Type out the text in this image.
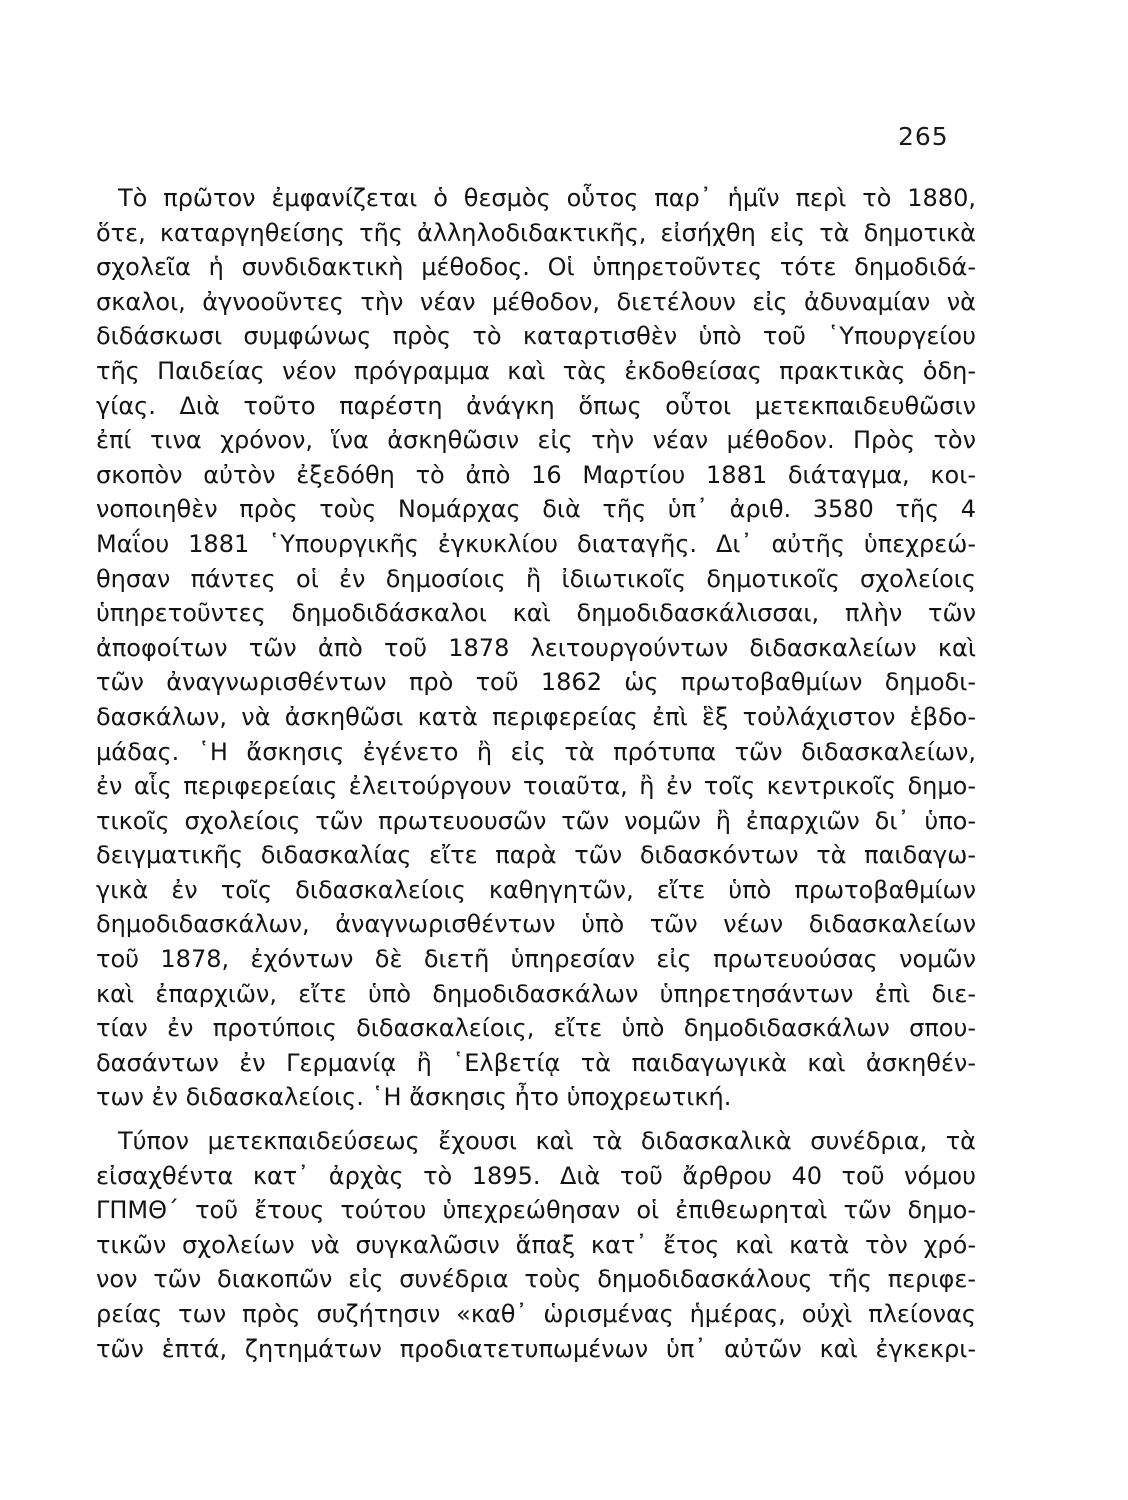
265
Τὸ πρῶτον ἐμφανίζεται ὁ θεσμὸς οὗτος παρ᾽ ἡμῖν περὶ τὸ 1880,
ὅτε, καταργηθείσης τῆς ἀλληλοδιδακτικῆς, εἰσήχθη εἰς τὰ δημοτικὰ
σχολεῖα ἡ συνδιδακτικὴ μέθοδος. Οἱ ὑπηρετοῦντες τότε δημοδιδά-
σκαλοι, ἀγνοοῦντες τὴν νέαν μέθοδον, διετέλουν εἰς ἀδυναμίαν νὰ
διδάσκωσι συμφώνως πρὸς τὸ καταρτισθὲν ὑπὸ τοῦ ῾Υπουργείου
τῆς Παιδείας νέον πρόγραμμα καὶ τὰς ἐκδοθείσας πρακτικὰς ὁδη-
γίας. Διὰ τοῦτο παρέστη ἀνάγκη ὅπως οὗτοι μετεκπαιδευθῶσιν
ἐπί τινα χρόνον, ἵνα ἀσκηθῶσιν εἰς τὴν νέαν μέθοδον. Πρὸς τὸν
σκοπὸν αὐτὸν ἐξεδόθη τὸ ἀπὸ 16 Μαρτίου 1881 διάταγμα, κοι-
νοποιηθὲν πρὸς τοὺς Νομάρχας διὰ τῆς ὑπ᾽ ἀριθ. 3580 τῆς 4
Μαΐου 1881 ῾Υπουργικῆς ἐγκυκλίου διαταγῆς. Δι᾽ αὐτῆς ὑπεχρεώ-
θησαν πάντες οἱ ἐν δημοσίοις ἢ ἰδιωτικοῖς δημοτικοῖς σχολείοις
ὑπηρετοῦντες δημοδιδάσκαλοι καὶ δημοδιδασκάλισσαι, πλὴν τῶν
ἀποφοίτων τῶν ἀπὸ τοῦ 1878 λειτουργούντων διδασκαλείων καὶ
τῶν ἀναγνωρισθέντων πρὸ τοῦ 1862 ὡς πρωτοβαθμίων δημοδι-
δασκάλων, νὰ ἀσκηθῶσι κατὰ περιφερείας ἐπὶ ἓξ τοὐλάχιστον ἑβδο-
μάδας. ῾Η ἄσκησις ἐγένετο ἢ εἰς τὰ πρότυπα τῶν διδασκαλείων,
ἐν αἷς περιφερείαις ἐλειτούργουν τοιαῦτα, ἢ ἐν τοῖς κεντρικοῖς δημο-
τικοῖς σχολείοις τῶν πρωτευουσῶν τῶν νομῶν ἢ ἐπαρχιῶν δι᾽ ὑπο-
δειγματικῆς διδασκαλίας εἴτε παρὰ τῶν διδασκόντων τὰ παιδαγω-
γικὰ ἐν τοῖς διδασκαλείοις καθηγητῶν, εἴτε ὑπὸ πρωτοβαθμίων
δημοδιδασκάλων, ἀναγνωρισθέντων ὑπὸ τῶν νέων διδασκαλείων
τοῦ 1878, ἐχόντων δὲ διετῆ ὑπηρεσίαν εἰς πρωτευούσας νομῶν
καὶ ἐπαρχιῶν, εἴτε ὑπὸ δημοδιδασκάλων ὑπηρετησάντων ἐπὶ διε-
τίαν ἐν προτύποις διδασκαλείοις, εἴτε ὑπὸ δημοδιδασκάλων σπου-
δασάντων ἐν Γερμανίᾳ ἢ ῾Ελβετίᾳ τὰ παιδαγωγικὰ καὶ ἀσκηθέν-
των ἐν διδασκαλείοις. ῾Η ἄσκησις ἦτο ὑποχρεωτική.
Τύπον μετεκπαιδεύσεως ἔχουσι καὶ τὰ διδασκαλικὰ συνέδρια, τὰ
εἰσαχθέντα κατ᾽ ἀρχὰς τὸ 1895. Διὰ τοῦ ἄρθρου 40 τοῦ νόμου
ΓΠΜΘ΄ τοῦ ἔτους τούτου ὑπεχρεώθησαν οἱ ἐπιθεωρηταὶ τῶν δημο-
τικῶν σχολείων νὰ συγκαλῶσιν ἅπαξ κατ᾽ ἔτος καὶ κατὰ τὸν χρό-
νον τῶν διακοπῶν εἰς συνέδρια τοὺς δημοδιδασκάλους τῆς περιφε-
ρείας των πρὸς συζήτησιν «καθ᾽ ὡρισμένας ἡμέρας, οὐχὶ πλείονας
τῶν ἑπτά, ζητημάτων προδιατετυπωμένων ὑπ᾽ αὐτῶν καὶ ἐγκεκρι-
